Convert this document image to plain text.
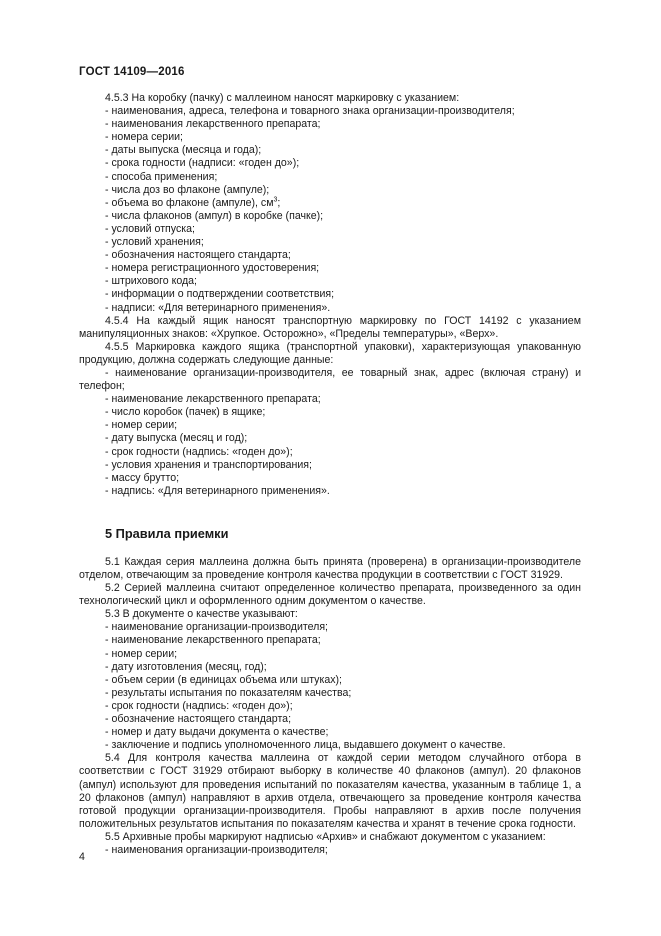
ГОСТ 14109—2016

4.5.3 На коробку (пачку) с маллеином наносят маркировку с указанием:

- наименования, адреса, телефона и товарного знака организации-производителя;

- наименования лекарственного препарата;

- номера серии;

- даты выпуска (месяца и года);

- срока годности (надписи: «годен до»);

- способа применения;

- числа доз во флаконе (ампуле);

- объема во флаконе (ампуле), $см^3$;

- числа флаконов (ампул) в коробке (пачке);

- условий отпуска;

- условий хранения;

- обозначения настоящего стандарта;

- номера регистрационного удостоверения;

- штрихового кода;

- информации о подтверждении соответствия;

- надписи: «Для ветеринарного применения».

4.5.4 На каждый ящик наносят транспортную маркировку по ГОСТ 14192 с указанием манипуляционных знаков: «Хрупкое. Осторожно», «Пределы температуры», «Верх».

4.5.5 Маркировка каждого ящика (транспортной упаковки), характеризующая упакованную продукцию, должна содержать следующие данные:

- наименование организации-производителя, ее товарный знак, адрес (включая страну) и телефон;

- наименование лекарственного препарата;

- число коробок (пачек) в ящике;

- номер серии;

- дату выпуска (месяц и год);

- срок годности (надпись: «годен до»);

- условия хранения и транспортирования;

- массу брутто;

- надпись: «Для ветеринарного применения».

5 Правила приемки

5.1 Каждая серия маллеина должна быть принята (проверена) в организации-производителе отделом, отвечающим за проведение контроля качества продукции в соответствии с ГОСТ 31929.

5.2 Серией маллеина считают определенное количество препарата, произведенного за один технологический цикл и оформленного одним документом о качестве.

5.3 В документе о качестве указывают:

- наименование организации-производителя;

- наименование лекарственного препарата;

- номер серии;

- дату изготовления (месяц, год);

- объем серии (в единицах объема или штуках);

- результаты испытания по показателям качества;

- срок годности (надпись: «годен до»);

- обозначение настоящего стандарта;

- номер и дату выдачи документа о качестве;

- заключение и подпись уполномоченного лица, выдавшего документ о качестве.

5.4 Для контроля качества маллеина от каждой серии методом случайного отбора в соответствии с ГОСТ 31929 отбирают выборку в количестве 40 флаконов (ампул). 20 флаконов (ампул) используют для проведения испытаний по показателям качества, указанным в таблице 1, а 20 флаконов (ампул) направляют в архив отдела, отвечающего за проведение контроля качества готовой продукции организации-производителя. Пробы направляют в архив после получения положительных результатов испытания по показателям качества и хранят в течение срока годности.

5.5 Архивные пробы маркируют надписью «Архив» и снабжают документом с указанием:

- наименования организации-производителя;

4
